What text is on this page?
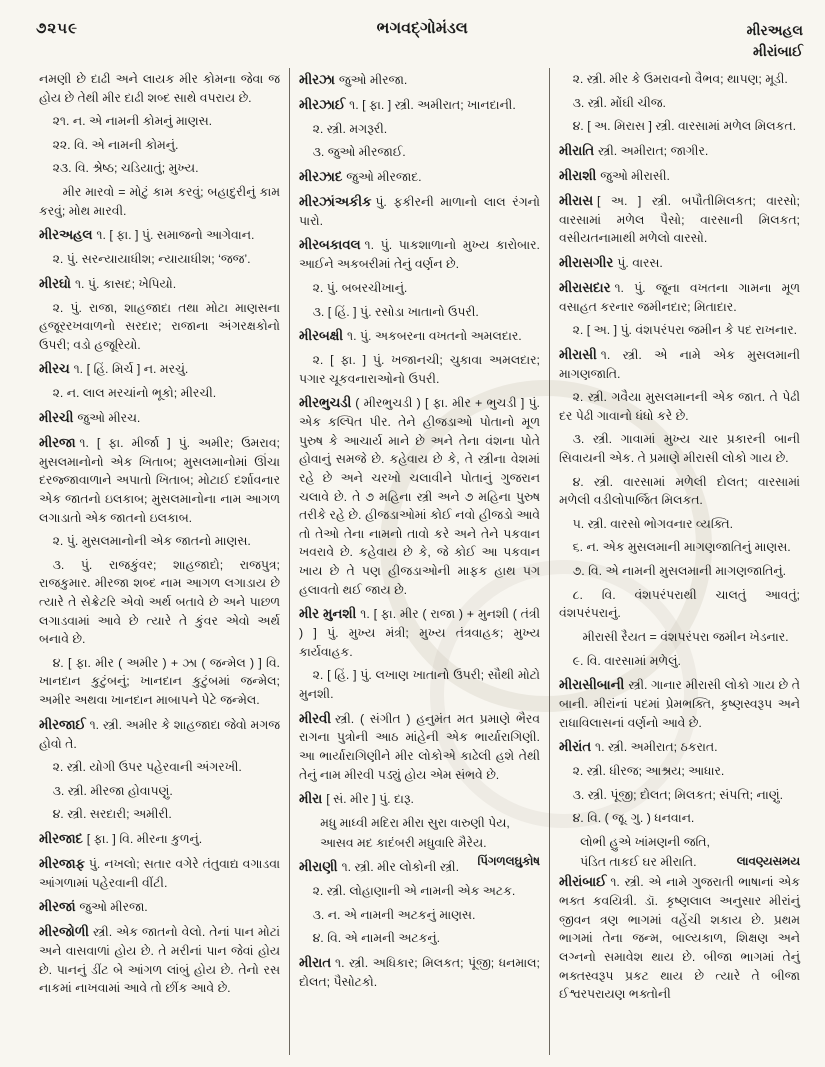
૭૨૫૯	ભગવદ્ગોમંડલ	મીરઅહલ
મીરાંબાઈ

નમણી છે દાઢી અને લાયક મીર કોમના જેવા જ હોય છે તેથી મીર દાઢી શબ્દ સાથે વપરાય છે.

૨૧. ન. એ નામની કોમનું માણસ.

૨૨. વિ. એ નામની કોમનું.

૨૩. વિ. શ્રેષ્ઠ; ચડિયાતું; મુખ્ય.

મીર મારવો = મોટું કામ કરવું; બહાદુરીનું કામ કરવું; મોથ મારવી.

મીરઅહલ ૧. [ ફા. ] પું. સમાજનો આગેવાન.

૨. પું. સરન્યાયાધીશ; ન્યાયાધીશ; ‘જજ’.

મીરઘો ૧. પું. કાસદ; ખેપિયો.

૨. પું. રાજા, શાહજાદા તથા મોટા માણસના હજૂરરખવાળનો સરદાર; રાજાના અંગરક્ષકોનો ઉપરી; વડો હજૂરિયો.

મીરચ ૧. [ હિં. મિર્ચ ] ન. મરચું.

૨. ન. લાલ મરચાંનો ભૂકો; મીરચી.

મીરચી જુઓ મીરચ.

મીરજા ૧. [ ફા. મીર્જા ] પું. અમીર; ઉમરાવ; મુસલમાનોનો એક ખિતાબ; મુસલમાનોમાં ઊંચા દરજ્જાવાળાને અપાતો ખિતાબ; મોટાઈ દર્શાવનાર એક જાતનો ઇલકાબ; મુસલમાનોના નામ આગળ લગાડાતો એક જાતનો ઇલકાબ.

૨. પું. મુસલમાનોની એક જાતનો માણસ.

૩. પું. રાજકુંવર; શાહજાદો; રાજપુત્ર; રાજકુમાર. મીરજા શબ્દ નામ આગળ લગાડાય છે ત્યારે તે સેક્રેટરિ એવો અર્થ બતાવે છે અને પાછળ લગાડવામાં આવે છે ત્યારે તે કુંવર એવો અર્થ બનાવે છે.

૪. [ ફા. મીર ( અમીર ) + ઝા ( જન્મેલ ) ] વિ. ખાનદાન કુટુંબનું; ખાનદાન કુટુંબમાં જન્મેલ; અમીર અથવા ખાનદાન માબાપને પેટે જન્મેલ.

મીરજાઈ ૧. સ્ત્રી. અમીર કે શાહજાદા જેવો મગજ હોવો તે.

૨. સ્ત્રી. યોગી ઉપર પહેરવાની અંગરખી.

૩. સ્ત્રી. મીરજા હોવાપણું.

૪. સ્ત્રી. સરદારી; અમીરી.

મીરજાદ [ ફા. ] વિ. મીરના કુળનું.

મીરજાફ પું. નખલો; સતાર વગેરે તંતુવાદ્ય વગાડવા આંગળામાં પહેરવાની વીંટી.

મીરજાં જુઓ મીરજા.

મીરજોળી સ્ત્રી. એક જાતનો વેલો. તેનાં પાન મોટાં અને વાસવાળાં હોય છે. તે મરીનાં પાન જેવાં હોય છે. પાનનું ડીંટ બે આંગળ લાંબું હોય છે. તેનો રસ નાકમાં નાખવામાં આવે તો છીંક આવે છે.

મીરઝા જુઓ મીરજા.

મીરઝાઈ ૧. [ ફા. ] સ્ત્રી. અમીરાત; ખાનદાની.

૨. સ્ત્રી. મગરૂરી.

૩. જુઓ મીરજાઈ.

મીરઝાદ જુઓ મીરજાદ.

મીરઝાંઅકીક પું. ફકીરની માળાનો લાલ રંગનો પારો.

મીરબકાવલ ૧. પું. પાકશાળાનો મુખ્ય કારોબાર. આઈને અકબરીમાં તેનું વર્ણન છે.

૨. પું. બબરચીખાનું.

૩. [ હિં. ] પું. રસોડા ખાતાનો ઉપરી.

મીરબક્ષી ૧. પું. અકબરના વખતનો અમલદાર.

૨. [ ફા. ] પું. ખજાનચી; ચુકાવા અમલદાર; પગાર ચૂકવનારાઓનો ઉપરી.

મીરભુચડી ( મીરભુચડી ) [ ફા. મીર + ભુચડી ] પું. એક કલ્પિત પીર. તેને હીજડાઓ પોતાનો મૂળ પુરુષ કે આચાર્ય માને છે અને તેના વંશના પોતે હોવાનું સમજે છે. કહેવાય છે કે, તે સ્ત્રીના વેશમાં રહે છે અને ચરખો ચલાવીને પોતાનું ગુજરાન ચલાવે છે. તે ૭ મહિના સ્ત્રી અને ૭ મહિના પુરુષ તરીકે રહે છે. હીજડાઓમાં કોઈ નવો હીજડો આવે તો તેઓ તેના નામનો તાવો કરે અને તેને પકવાન ખવરાવે છે. કહેવાય છે કે, જે કોઈ આ પકવાન ખાય છે તે પણ હીજડાઓની માફક હાથ પગ હલાવતો થઈ જાય છે.

મીર મુનશી ૧. [ ફા. મીર ( રાજા ) + મુનશી ( તંત્રી ) ] પું. મુખ્ય મંત્રી; મુખ્ય તંત્રવાહક; મુખ્ય કાર્યવાહક.

૨. [ હિં. ] પું. લખાણ ખાતાનો ઉપરી; સૌથી મોટો મુનશી.

મીરવી સ્ત્રી. ( સંગીત ) હનુમંત મત પ્રમાણે ભૈરવ રાગના પુત્રોની આઠ માંહેની એક ભાર્યારાગિણી. આ ભાર્યારાગિણીને મીર લોકોએ કાઢેલી હશે તેથી તેનું નામ મીરવી પડ્યું હોય એમ સંભવે છે.

મીરા [ સં. મીર ] પું. દારૂ.

મધુ માધ્વી મદિરા મીરા સુરા વારુણી પેય,

આસવ મદ કાદંબરી મધુવારિ મૈરેય.

પિંગળલઘુકોષ

મીરાણી ૧. સ્ત્રી. મીર લોકોની સ્ત્રી.

૨. સ્ત્રી. લોહાણાની એ નામની એક અટક.

૩. ન. એ નામની અટકનું માણસ.

૪. વિ. એ નામની અટકનું.

મીરાત ૧. સ્ત્રી. અધિકાર; મિલકત; પૂંજી; ધનમાલ; દોલત; પૈસોટકો.

૨. સ્ત્રી. મીર કે ઉમરાવનો વૈભવ; થાપણ; મૂડી.

૩. સ્ત્રી. મોંઘી ચીજ.

૪. [ અ. મિરાસ ] સ્ત્રી. વારસામાં મળેલ મિલકત.

મીરાતિ સ્ત્રી. અમીરાત; જાગીર.

મીરાશી જુઓ મીરાસી.

મીરાસ [ અ. ] સ્ત્રી. બપૌતીમિલકત; વારસો; વારસામાં મળેલ પૈસો; વારસાની મિલકત; વસીયતનામાથી મળેલો વારસો.

મીરાસગીર પું. વારસ.

મીરાસદાર ૧. પું. જૂના વખતના ગામના મૂળ વસાહત કરનાર જમીનદાર; મિતાદાર.

૨. [ અ. ] પું. વંશપરંપરા જમીન કે પદ રાખનાર.

મીરાસી ૧. સ્ત્રી. એ નામે એક મુસલમાની માગણજાતિ.

૨. સ્ત્રી. ગવૈયા મુસલમાનની એક જાત. તે પેઢી દર પેઢી ગાવાનો ધંધો કરે છે.

૩. સ્ત્રી. ગાવામાં મુખ્ય ચાર પ્રકારની બાની સિવાયની એક. તે પ્રમાણે મીરાસી લોકો ગાય છે.

૪. સ્ત્રી. વારસામાં મળેલી દોલત; વારસામાં મળેલી વડીલોપાર્જિત મિલકત.

૫. સ્ત્રી. વારસો ભોગવનાર વ્યક્તિ.

૬. ન. એક મુસલમાની માગણજાતિનું માણસ.

૭. વિ. એ નામની મુસલમાની માગણજાતિનું.

૮. વિ. વંશપરંપરાથી ચાલતું આવતું; વંશપરંપરાનું.

મીરાસી રૈયત = વંશપરંપરા જમીન ખેડનાર.

૯. વિ. વારસામાં મળેલું.

મીરાસીબાની સ્ત્રી. ગાનાર મીરાસી લોકો ગાય છે તે બાની. મીરાંનાં પદમાં પ્રેમભક્તિ, કૃષ્ણસ્વરૂપ અને રાધાવિલાસનાં વર્ણનો આવે છે.

મીરાંત ૧. સ્ત્રી. અમીરાત; ઠકરાત.

૨. સ્ત્રી. ધીરજ; આશ્રય; આધાર.

૩. સ્ત્રી. પૂંજી; દોલત; મિલકત; સંપત્તિ; નાણું.

૪. વિ. ( જૂ. ગુ. ) ધનવાન.

લોભી હુએ ખાંમણની જતિ,

લાવણ્યસમય
પંડિત તાકઈ ઘર મીરાતિ.

મીરાંબાઈ ૧. સ્ત્રી. એ નામે ગુજરાતી ભાષાનાં એક ભક્ત કવયિત્રી. ડૉ. કૃષ્ણલાલ અનુસાર મીરાંનું જીવન ત્રણ ભાગમાં વહેંચી શકાય છે. પ્રથમ ભાગમાં તેના જન્મ, બાલ્યકાળ, શિક્ષણ અને લગ્નનો સમાવેશ થાય છે. બીજા ભાગમાં તેનું ભક્તસ્વરૂપ પ્રકટ થાય છે ત્યારે તે બીજા ઈશ્વરપરાયણ ભક્તોની
